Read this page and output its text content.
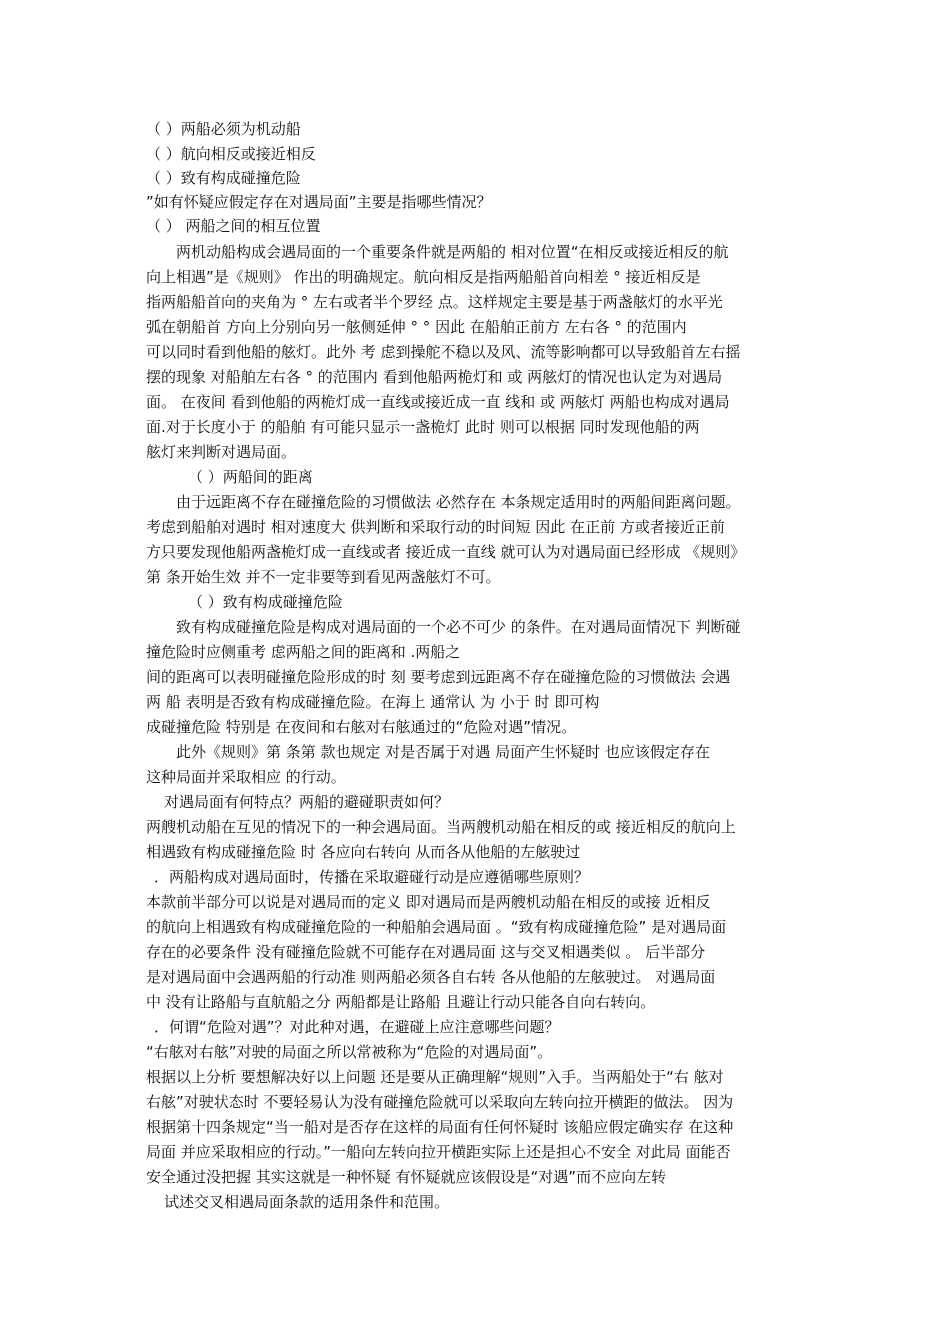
（ ）两船必须为机动船
（ ）航向相反或接近相反
（ ）致有构成碰撞危险
”如有怀疑应假定存在对遇局面”主要是指哪些情况？
（ ） 两船之间的相互位置
两机动船构成会遇局面的一个重要条件就是两船的 相对位置“在相反或接近相反的航
向上相遇”是《规则》 作出的明确规定。航向相反是指两船船首向相差 ° 接近相反是
指两船船首向的夹角为 ° 左右或者半个罗经 点。这样规定主要是基于两盏舷灯的水平光
弧在朝船首 方向上分别向另一舷侧延伸 ° ° 因此 在船舶正前方 左右各 ° 的范围内
可以同时看到他船的舷灯。此外 考 虑到操舵不稳以及风、流等影响都可以导致船首左右摇
摆的现象 对船舶左右各 ° 的范围内 看到他船两桅灯和 或 两舷灯的情况也认定为对遇局
面。 在夜间 看到他船的两桅灯成一直线或接近成一直 线和 或 两舷灯 两船也构成对遇局
面.对于长度小于 的船舶 有可能只显示一盏桅灯 此时 则可以根据 同时发现他船的两
舷灯来判断对遇局面。
（ ）两船间的距离
由于远距离不存在碰撞危险的习惯做法 必然存在 本条规定适用时的两船间距离问题。
考虑到船舶对遇时 相对速度大 供判断和采取行动的时间短 因此 在正前 方或者接近正前
方只要发现他船两盏桅灯成一直线或者 接近成一直线 就可认为对遇局面已经形成 《规则》
第 条开始生效 并不一定非要等到看见两盏舷灯不可。
（ ）致有构成碰撞危险
致有构成碰撞危险是构成对遇局面的一个必不可少 的条件。在对遇局面情况下 判断碰
撞危险时应侧重考 虑两船之间的距离和 .两船之
间的距离可以表明碰撞危险形成的时 刻 要考虑到远距离不存在碰撞危险的习惯做法 会遇
两 船 表明是否致有构成碰撞危险。在海上 通常认 为 小于 时 即可构
成碰撞危险 特别是 在夜间和右舷对右舷通过的“危险对遇”情况。
此外《规则》第 条第 款也规定 对是否属于对遇 局面产生怀疑时 也应该假定存在
这种局面并采取相应 的行动。
对遇局面有何特点？两船的避碰职责如何？
两艘机动船在互见的情况下的一种会遇局面。当两艘机动船在相反的或 接近相反的航向上
相遇致有构成碰撞危险 时 各应向右转向 从而各从他船的左舷驶过
．两船构成对遇局面时，传播在采取避碰行动是应遵循哪些原则？
本款前半部分可以说是对遇局而的定义 即对遇局而是两艘机动船在相反的或接 近相反
的航向上相遇致有构成碰撞危险的一种船舶会遇局面 。“致有构成碰撞危险” 是对遇局面
存在的必要条件 没有碰撞危险就不可能存在对遇局面 这与交叉相遇类似 。 后半部分
是对遇局面中会遇两船的行动准 则两船必须各自右转 各从他船的左舷驶过。 对遇局面
中 没有让路船与直航船之分 两船都是让路船 且避让行动只能各自向右转向。
．何谓“危险对遇”？对此种对遇，在避碰上应注意哪些问题？
“右舷对右舷”对驶的局面之所以常被称为“危险的对遇局面”。
根据以上分析 要想解决好以上问题 还是要从正确理解“规则”入手。当两船处于“右 舷对
右舷”对驶状态时 不要轻易认为没有碰撞危险就可以采取向左转向拉开横距的做法。 因为
根据第十四条规定“当一船对是否存在这样的局面有任何怀疑时 该船应假定确实存 在这种
局面 并应采取相应的行动。”一船向左转向拉开横距实际上还是担心不安全 对此局 面能否
安全通过没把握 其实这就是一种怀疑 有怀疑就应该假设是“对遇”而不应向左转
试述交叉相遇局面条款的适用条件和范围。
